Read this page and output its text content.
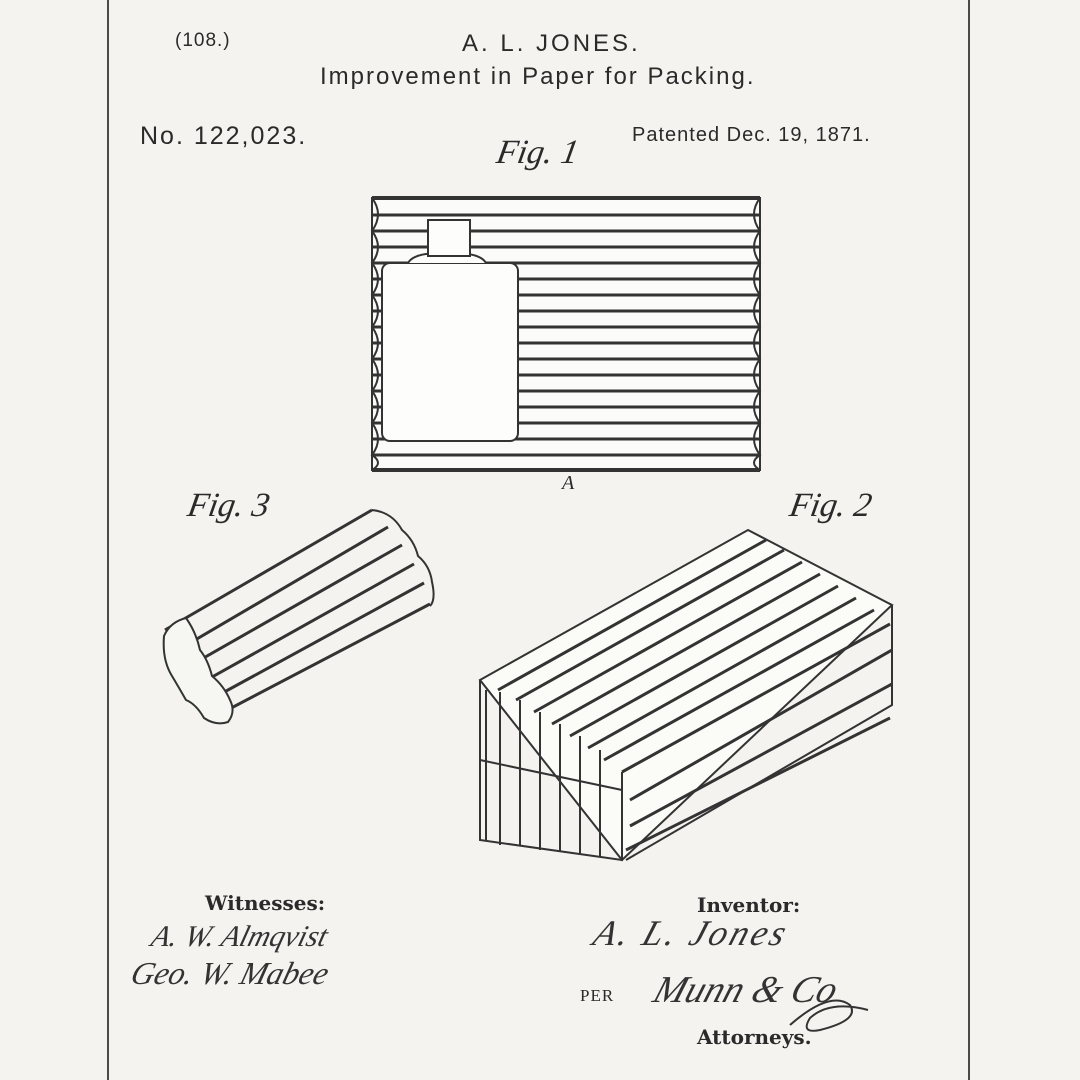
(108.)	A. L. JONES.
Improvement in Paper for Packing.
No. 122,023.	Patented Dec. 19, 1871.
Fig. 1
Fig. 2
Fig. 3
A
Witnesses:
A. W. Almqvist
Geo. W. Mabee
Inventor:
A. L. Jones
PER Munn & Co
Attorneys.
